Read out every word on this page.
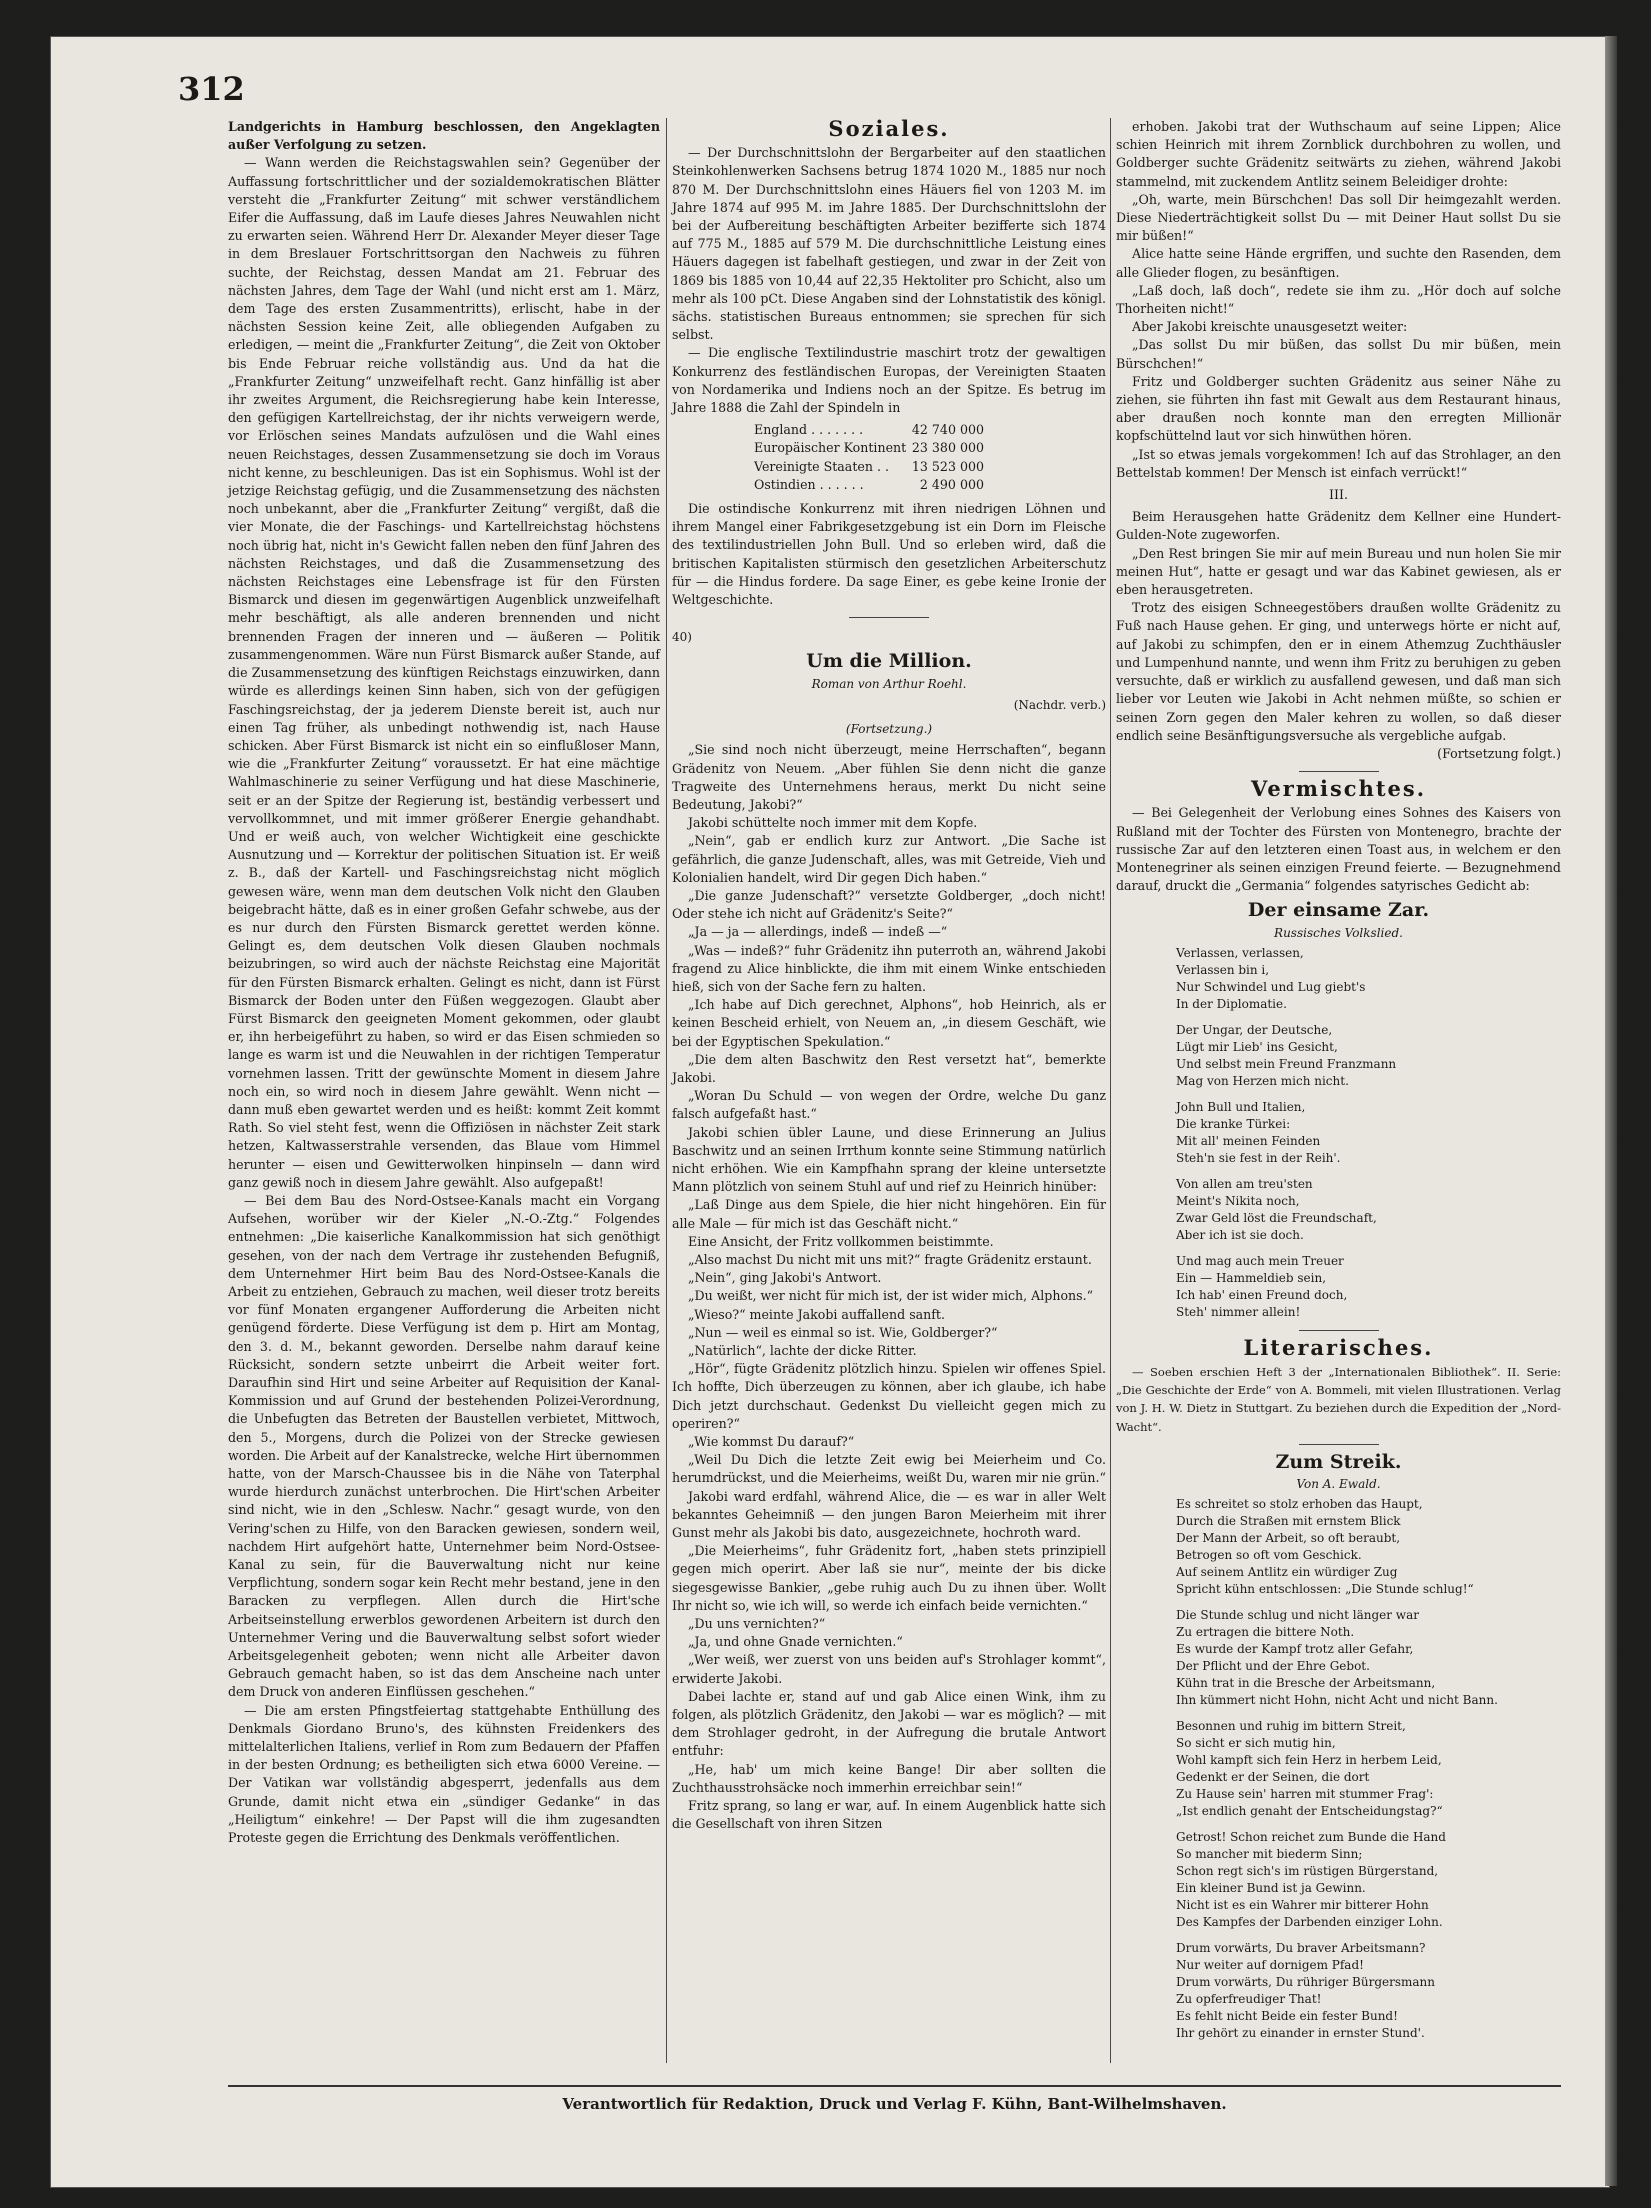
312

Landgerichts in Hamburg beschlossen, den Angeklagten außer Verfolgung zu setzen.

— Wann werden die Reichstagswahlen sein? Gegenüber der Auffassung fortschrittlicher und der sozialdemokratischen Blätter versteht die „Frankfurter Zeitung“ mit schwer verständlichem Eifer die Auffassung, daß im Laufe dieses Jahres Neuwahlen nicht zu erwarten seien. Während Herr Dr. Alexander Meyer dieser Tage in dem Breslauer Fortschrittsorgan den Nachweis zu führen suchte, der Reichstag, dessen Mandat am 21. Februar des nächsten Jahres, dem Tage der Wahl (und nicht erst am 1. März, dem Tage des ersten Zusammentritts), erlischt, habe in der nächsten Session keine Zeit, alle obliegenden Aufgaben zu erledigen, — meint die „Frankfurter Zeitung“, die Zeit von Oktober bis Ende Februar reiche vollständig aus. Und da hat die „Frankfurter Zeitung“ unzweifelhaft recht. Ganz hinfällig ist aber ihr zweites Argument, die Reichsregierung habe kein Interesse, den gefügigen Kartellreichstag, der ihr nichts verweigern werde, vor Erlöschen seines Mandats aufzulösen und die Wahl eines neuen Reichstages, dessen Zusammensetzung sie doch im Voraus nicht kenne, zu beschleunigen. Das ist ein Sophismus. Wohl ist der jetzige Reichstag gefügig, und die Zusammensetzung des nächsten noch unbekannt, aber die „Frankfurter Zeitung“ vergißt, daß die vier Monate, die der Faschings- und Kartellreichstag höchstens noch übrig hat, nicht in's Gewicht fallen neben den fünf Jahren des nächsten Reichstages, und daß die Zusammensetzung des nächsten Reichstages eine Lebensfrage ist für den Fürsten Bismarck und diesen im gegenwärtigen Augenblick unzweifelhaft mehr beschäftigt, als alle anderen brennenden und nicht brennenden Fragen der inneren und — äußeren — Politik zusammengenommen. Wäre nun Fürst Bismarck außer Stande, auf die Zusammensetzung des künftigen Reichstags einzuwirken, dann würde es allerdings keinen Sinn haben, sich von der gefügigen Faschingsreichstag, der ja jederem Dienste bereit ist, auch nur einen Tag früher, als unbedingt nothwendig ist, nach Hause schicken. Aber Fürst Bismarck ist nicht ein so einflußloser Mann, wie die „Frankfurter Zeitung“ voraussetzt. Er hat eine mächtige Wahlmaschinerie zu seiner Verfügung und hat diese Maschinerie, seit er an der Spitze der Regierung ist, beständig verbessert und vervollkommnet, und mit immer größerer Energie gehandhabt. Und er weiß auch, von welcher Wichtigkeit eine geschickte Ausnutzung und — Korrektur der politischen Situation ist. Er weiß z. B., daß der Kartell- und Faschingsreichstag nicht möglich gewesen wäre, wenn man dem deutschen Volk nicht den Glauben beigebracht hätte, daß es in einer großen Gefahr schwebe, aus der es nur durch den Fürsten Bismarck gerettet werden könne. Gelingt es, dem deutschen Volk diesen Glauben nochmals beizubringen, so wird auch der nächste Reichstag eine Majorität für den Fürsten Bismarck erhalten. Gelingt es nicht, dann ist Fürst Bismarck der Boden unter den Füßen weggezogen. Glaubt aber Fürst Bismarck den geeigneten Moment gekommen, oder glaubt er, ihn herbeigeführt zu haben, so wird er das Eisen schmieden so lange es warm ist und die Neuwahlen in der richtigen Temperatur vornehmen lassen. Tritt der gewünschte Moment in diesem Jahre noch ein, so wird noch in diesem Jahre gewählt. Wenn nicht — dann muß eben gewartet werden und es heißt: kommt Zeit kommt Rath. So viel steht fest, wenn die Offiziösen in nächster Zeit stark hetzen, Kaltwasserstrahle versenden, das Blaue vom Himmel herunter — eisen und Gewitterwolken hinpinseln — dann wird ganz gewiß noch in diesem Jahre gewählt. Also aufgepaßt!

— Bei dem Bau des Nord-Ostsee-Kanals macht ein Vorgang Aufsehen, worüber wir der Kieler „N.-O.-Ztg.“ Folgendes entnehmen: „Die kaiserliche Kanalkommission hat sich genöthigt gesehen, von der nach dem Vertrage ihr zustehenden Befugniß, dem Unternehmer Hirt beim Bau des Nord-Ostsee-Kanals die Arbeit zu entziehen, Gebrauch zu machen, weil dieser trotz bereits vor fünf Monaten ergangener Aufforderung die Arbeiten nicht genügend förderte. Diese Verfügung ist dem p. Hirt am Montag, den 3. d. M., bekannt geworden. Derselbe nahm darauf keine Rücksicht, sondern setzte unbeirrt die Arbeit weiter fort. Daraufhin sind Hirt und seine Arbeiter auf Requisition der Kanal-Kommission und auf Grund der bestehenden Polizei-Verordnung, die Unbefugten das Betreten der Baustellen verbietet, Mittwoch, den 5., Morgens, durch die Polizei von der Strecke gewiesen worden. Die Arbeit auf der Kanalstrecke, welche Hirt übernommen hatte, von der Marsch-Chaussee bis in die Nähe von Taterphal wurde hierdurch zunächst unterbrochen. Die Hirt'schen Arbeiter sind nicht, wie in den „Schlesw. Nachr.“ gesagt wurde, von den Vering'schen zu Hilfe, von den Baracken gewiesen, sondern weil, nachdem Hirt aufgehört hatte, Unternehmer beim Nord-Ostsee-Kanal zu sein, für die Bauverwaltung nicht nur keine Verpflichtung, sondern sogar kein Recht mehr bestand, jene in den Baracken zu verpflegen. Allen durch die Hirt'sche Arbeitseinstellung erwerblos gewordenen Arbeitern ist durch den Unternehmer Vering und die Bauverwaltung selbst sofort wieder Arbeitsgelegenheit geboten; wenn nicht alle Arbeiter davon Gebrauch gemacht haben, so ist das dem Anscheine nach unter dem Druck von anderen Einflüssen geschehen.“

— Die am ersten Pfingstfeiertag stattgehabte Enthüllung des Denkmals Giordano Bruno's, des kühnsten Freidenkers des mittelalterlichen Italiens, verlief in Rom zum Bedauern der Pfaffen in der besten Ordnung; es betheiligten sich etwa 6000 Vereine. — Der Vatikan war vollständig abgesperrt, jedenfalls aus dem Grunde, damit nicht etwa ein „sündiger Gedanke“ in das „Heiligtum“ einkehre! — Der Papst will die ihm zugesandten Proteste gegen die Errichtung des Denkmals veröffentlichen.

Soziales.

— Der Durchschnittslohn der Bergarbeiter auf den staatlichen Steinkohlenwerken Sachsens betrug 1874 1020 M., 1885 nur noch 870 M. Der Durchschnittslohn eines Häuers fiel von 1203 M. im Jahre 1874 auf 995 M. im Jahre 1885. Der Durchschnittslohn der bei der Aufbereitung beschäftigten Arbeiter bezifferte sich 1874 auf 775 M., 1885 auf 579 M. Die durchschnittliche Leistung eines Häuers dagegen ist fabelhaft gestiegen, und zwar in der Zeit von 1869 bis 1885 von 10,44 auf 22,35 Hektoliter pro Schicht, also um mehr als 100 pCt. Diese Angaben sind der Lohnstatistik des königl. sächs. statistischen Bureaus entnommen; sie sprechen für sich selbst.

— Die englische Textilindustrie maschirt trotz der gewaltigen Konkurrenz des festländischen Europas, der Vereinigten Staaten von Nordamerika und Indiens noch an der Spitze. Es betrug im Jahre 1888 die Zahl der Spindeln in

England . . . . . . .	42 740 000
Europäischer Kontinent 23 380 000
Vereinigte Staaten . . 13 523 000
Ostindien . . . . . .	2 490 000

Die ostindische Konkurrenz mit ihren niedrigen Löhnen und ihrem Mangel einer Fabrikgesetzgebung ist ein Dorn im Fleische des textilindustriellen John Bull. Und so erleben wird, daß die britischen Kapitalisten stürmisch den gesetzlichen Arbeiterschutz für — die Hindus fordere. Da sage Einer, es gebe keine Ironie der Weltgeschichte.

40)
Um die Million.
Roman von Arthur Roehl.
(Nachdr. verb.)
(Fortsetzung.)

„Sie sind noch nicht überzeugt, meine Herrschaften“, begann Grädenitz von Neuem. „Aber fühlen Sie denn nicht die ganze Tragweite des Unternehmens heraus, merkt Du nicht seine Bedeutung, Jakobi?“

Jakobi schüttelte noch immer mit dem Kopfe.

„Nein“, gab er endlich kurz zur Antwort. „Die Sache ist gefährlich, die ganze Judenschaft, alles, was mit Getreide, Vieh und Kolonialien handelt, wird Dir gegen Dich haben.“

„Die ganze Judenschaft?“ versetzte Goldberger, „doch nicht! Oder stehe ich nicht auf Grädenitz's Seite?“

„Ja — ja — allerdings, indeß — indeß —“

„Was — indeß?“ fuhr Grädenitz ihn puterroth an, während Jakobi fragend zu Alice hinblickte, die ihm mit einem Winke entschieden hieß, sich von der Sache fern zu halten.

„Ich habe auf Dich gerechnet, Alphons“, hob Heinrich, als er keinen Bescheid erhielt, von Neuem an, „in diesem Geschäft, wie bei der Egyptischen Spekulation.“

„Die dem alten Baschwitz den Rest versetzt hat“, bemerkte Jakobi.

„Woran Du Schuld — von wegen der Ordre, welche Du ganz falsch aufgefaßt hast.“

Jakobi schien übler Laune, und diese Erinnerung an Julius Baschwitz und an seinen Irrthum konnte seine Stimmung natürlich nicht erhöhen. Wie ein Kampfhahn sprang der kleine untersetzte Mann plötzlich von seinem Stuhl auf und rief zu Heinrich hinüber:

„Laß Dinge aus dem Spiele, die hier nicht hingehören. Ein für alle Male — für mich ist das Geschäft nicht.“

Eine Ansicht, der Fritz vollkommen beistimmte.

„Also machst Du nicht mit uns mit?“ fragte Grädenitz erstaunt.

„Nein“, ging Jakobi's Antwort.

„Du weißt, wer nicht für mich ist, der ist wider mich, Alphons.“

„Wieso?“ meinte Jakobi auffallend sanft.

„Nun — weil es einmal so ist. Wie, Goldberger?“

„Natürlich“, lachte der dicke Ritter.

„Hör“, fügte Grädenitz plötzlich hinzu. Spielen wir offenes Spiel. Ich hoffte, Dich überzeugen zu können, aber ich glaube, ich habe Dich jetzt durchschaut. Gedenkst Du vielleicht gegen mich zu operiren?“

„Wie kommst Du darauf?“

„Weil Du Dich die letzte Zeit ewig bei Meierheim und Co. herumdrückst, und die Meierheims, weißt Du, waren mir nie grün.“

Jakobi ward erdfahl, während Alice, die — es war in aller Welt bekanntes Geheimniß — den jungen Baron Meierheim mit ihrer Gunst mehr als Jakobi bis dato, ausgezeichnete, hochroth ward.

„Die Meierheims“, fuhr Grädenitz fort, „haben stets prinzipiell gegen mich operirt. Aber laß sie nur“, meinte der bis dicke siegesgewisse Bankier, „gebe ruhig auch Du zu ihnen über. Wollt Ihr nicht so, wie ich will, so werde ich einfach beide vernichten.“

„Du uns vernichten?“

„Ja, und ohne Gnade vernichten.“

„Wer weiß, wer zuerst von uns beiden auf's Strohlager kommt“, erwiderte Jakobi.

Dabei lachte er, stand auf und gab Alice einen Wink, ihm zu folgen, als plötzlich Grädenitz, den Jakobi — war es möglich? — mit dem Strohlager gedroht, in der Aufregung die brutale Antwort entfuhr:

„He, hab' um mich keine Bange! Dir aber sollten die Zuchthausstrohsäcke noch immerhin erreichbar sein!“

Fritz sprang, so lang er war, auf. In einem Augenblick hatte sich die Gesellschaft von ihren Sitzen

erhoben. Jakobi trat der Wuthschaum auf seine Lippen; Alice schien Heinrich mit ihrem Zornblick durchbohren zu wollen, und Goldberger suchte Grädenitz seitwärts zu ziehen, während Jakobi stammelnd, mit zuckendem Antlitz seinem Beleidiger drohte:

„Oh, warte, mein Bürschchen! Das soll Dir heimgezahlt werden. Diese Niederträchtigkeit sollst Du — mit Deiner Haut sollst Du sie mir büßen!“

Alice hatte seine Hände ergriffen, und suchte den Rasenden, dem alle Glieder flogen, zu besänftigen.

„Laß doch, laß doch“, redete sie ihm zu. „Hör doch auf solche Thorheiten nicht!“

Aber Jakobi kreischte unausgesetzt weiter:

„Das sollst Du mir büßen, das sollst Du mir büßen, mein Bürschchen!“

Fritz und Goldberger suchten Grädenitz aus seiner Nähe zu ziehen, sie führten ihn fast mit Gewalt aus dem Restaurant hinaus, aber draußen noch konnte man den erregten Millionär kopfschüttelnd laut vor sich hinwüthen hören.

„Ist so etwas jemals vorgekommen! Ich auf das Strohlager, an den Bettelstab kommen! Der Mensch ist einfach verrückt!“

III.

Beim Herausgehen hatte Grädenitz dem Kellner eine Hundert-Gulden-Note zugeworfen.

„Den Rest bringen Sie mir auf mein Bureau und nun holen Sie mir meinen Hut“, hatte er gesagt und war das Kabinet gewiesen, als er eben herausgetreten.

Trotz des eisigen Schneegestöbers draußen wollte Grädenitz zu Fuß nach Hause gehen. Er ging, und unterwegs hörte er nicht auf, auf Jakobi zu schimpfen, den er in einem Athemzug Zuchthäusler und Lumpenhund nannte, und wenn ihm Fritz zu beruhigen zu geben versuchte, daß er wirklich zu ausfallend gewesen, und daß man sich lieber vor Leuten wie Jakobi in Acht nehmen müßte, so schien er seinen Zorn gegen den Maler kehren zu wollen, so daß dieser endlich seine Besänftigungsversuche als vergebliche aufgab.

(Fortsetzung folgt.)
Vermischtes.

— Bei Gelegenheit der Verlobung eines Sohnes des Kaisers von Rußland mit der Tochter des Fürsten von Montenegro, brachte der russische Zar auf den letzteren einen Toast aus, in welchem er den Montenegriner als seinen einzigen Freund feierte. — Bezugnehmend darauf, druckt die „Germania“ folgendes satyrisches Gedicht ab:

Der einsame Zar.
Russisches Volkslied.
Verlassen, verlassen,
Verlassen bin i,
Nur Schwindel und Lug giebt's
In der Diplomatie.
Der Ungar, der Deutsche,
Lügt mir Lieb' ins Gesicht,
Und selbst mein Freund Franzmann
Mag von Herzen mich nicht.
John Bull und Italien,
Die kranke Türkei:
Mit all' meinen Feinden
Steh'n sie fest in der Reih'.
Von allen am treu'sten
Meint's Nikita noch,
Zwar Geld löst die Freundschaft,
Aber ich ist sie doch.
Und mag auch mein Treuer
Ein — Hammeldieb sein,
Ich hab' einen Freund doch,
Steh' nimmer allein!
Literarisches.

— Soeben erschien Heft 3 der „Internationalen Bibliothek“. II. Serie: „Die Geschichte der Erde“ von A. Bommeli, mit vielen Illustrationen. Verlag von J. H. W. Dietz in Stuttgart. Zu beziehen durch die Expedition der „Nord-Wacht“.

Zum Streik.
Von A. Ewald.
Es schreitet so stolz erhoben das Haupt,
Durch die Straßen mit ernstem Blick
Der Mann der Arbeit, so oft beraubt,
Betrogen so oft vom Geschick.
Auf seinem Antlitz ein würdiger Zug
Spricht kühn entschlossen: „Die Stunde schlug!“
Die Stunde schlug und nicht länger war
Zu ertragen die bittere Noth.
Es wurde der Kampf trotz aller Gefahr,
Der Pflicht und der Ehre Gebot.
Kühn trat in die Bresche der Arbeitsmann,
Ihn kümmert nicht Hohn, nicht Acht und nicht Bann.
Besonnen und ruhig im bittern Streit,
So sicht er sich mutig hin,
Wohl kampft sich fein Herz in herbem Leid,
Gedenkt er der Seinen, die dort
Zu Hause sein' harren mit stummer Frag':
„Ist endlich genaht der Entscheidungstag?“
Getrost! Schon reichet zum Bunde die Hand
So mancher mit biederm Sinn;
Schon regt sich's im rüstigen Bürgerstand,
Ein kleiner Bund ist ja Gewinn.
Nicht ist es ein Wahrer mir bitterer Hohn
Des Kampfes der Darbenden einziger Lohn.
Drum vorwärts, Du braver Arbeitsmann?
Nur weiter auf dornigem Pfad!
Drum vorwärts, Du rühriger Bürgersmann
Zu opferfreudiger That!
Es fehlt nicht Beide ein fester Bund!
Ihr gehört zu einander in ernster Stund'.
Verantwortlich für Redaktion, Druck und Verlag F. Kühn, Bant-Wilhelmshaven.
